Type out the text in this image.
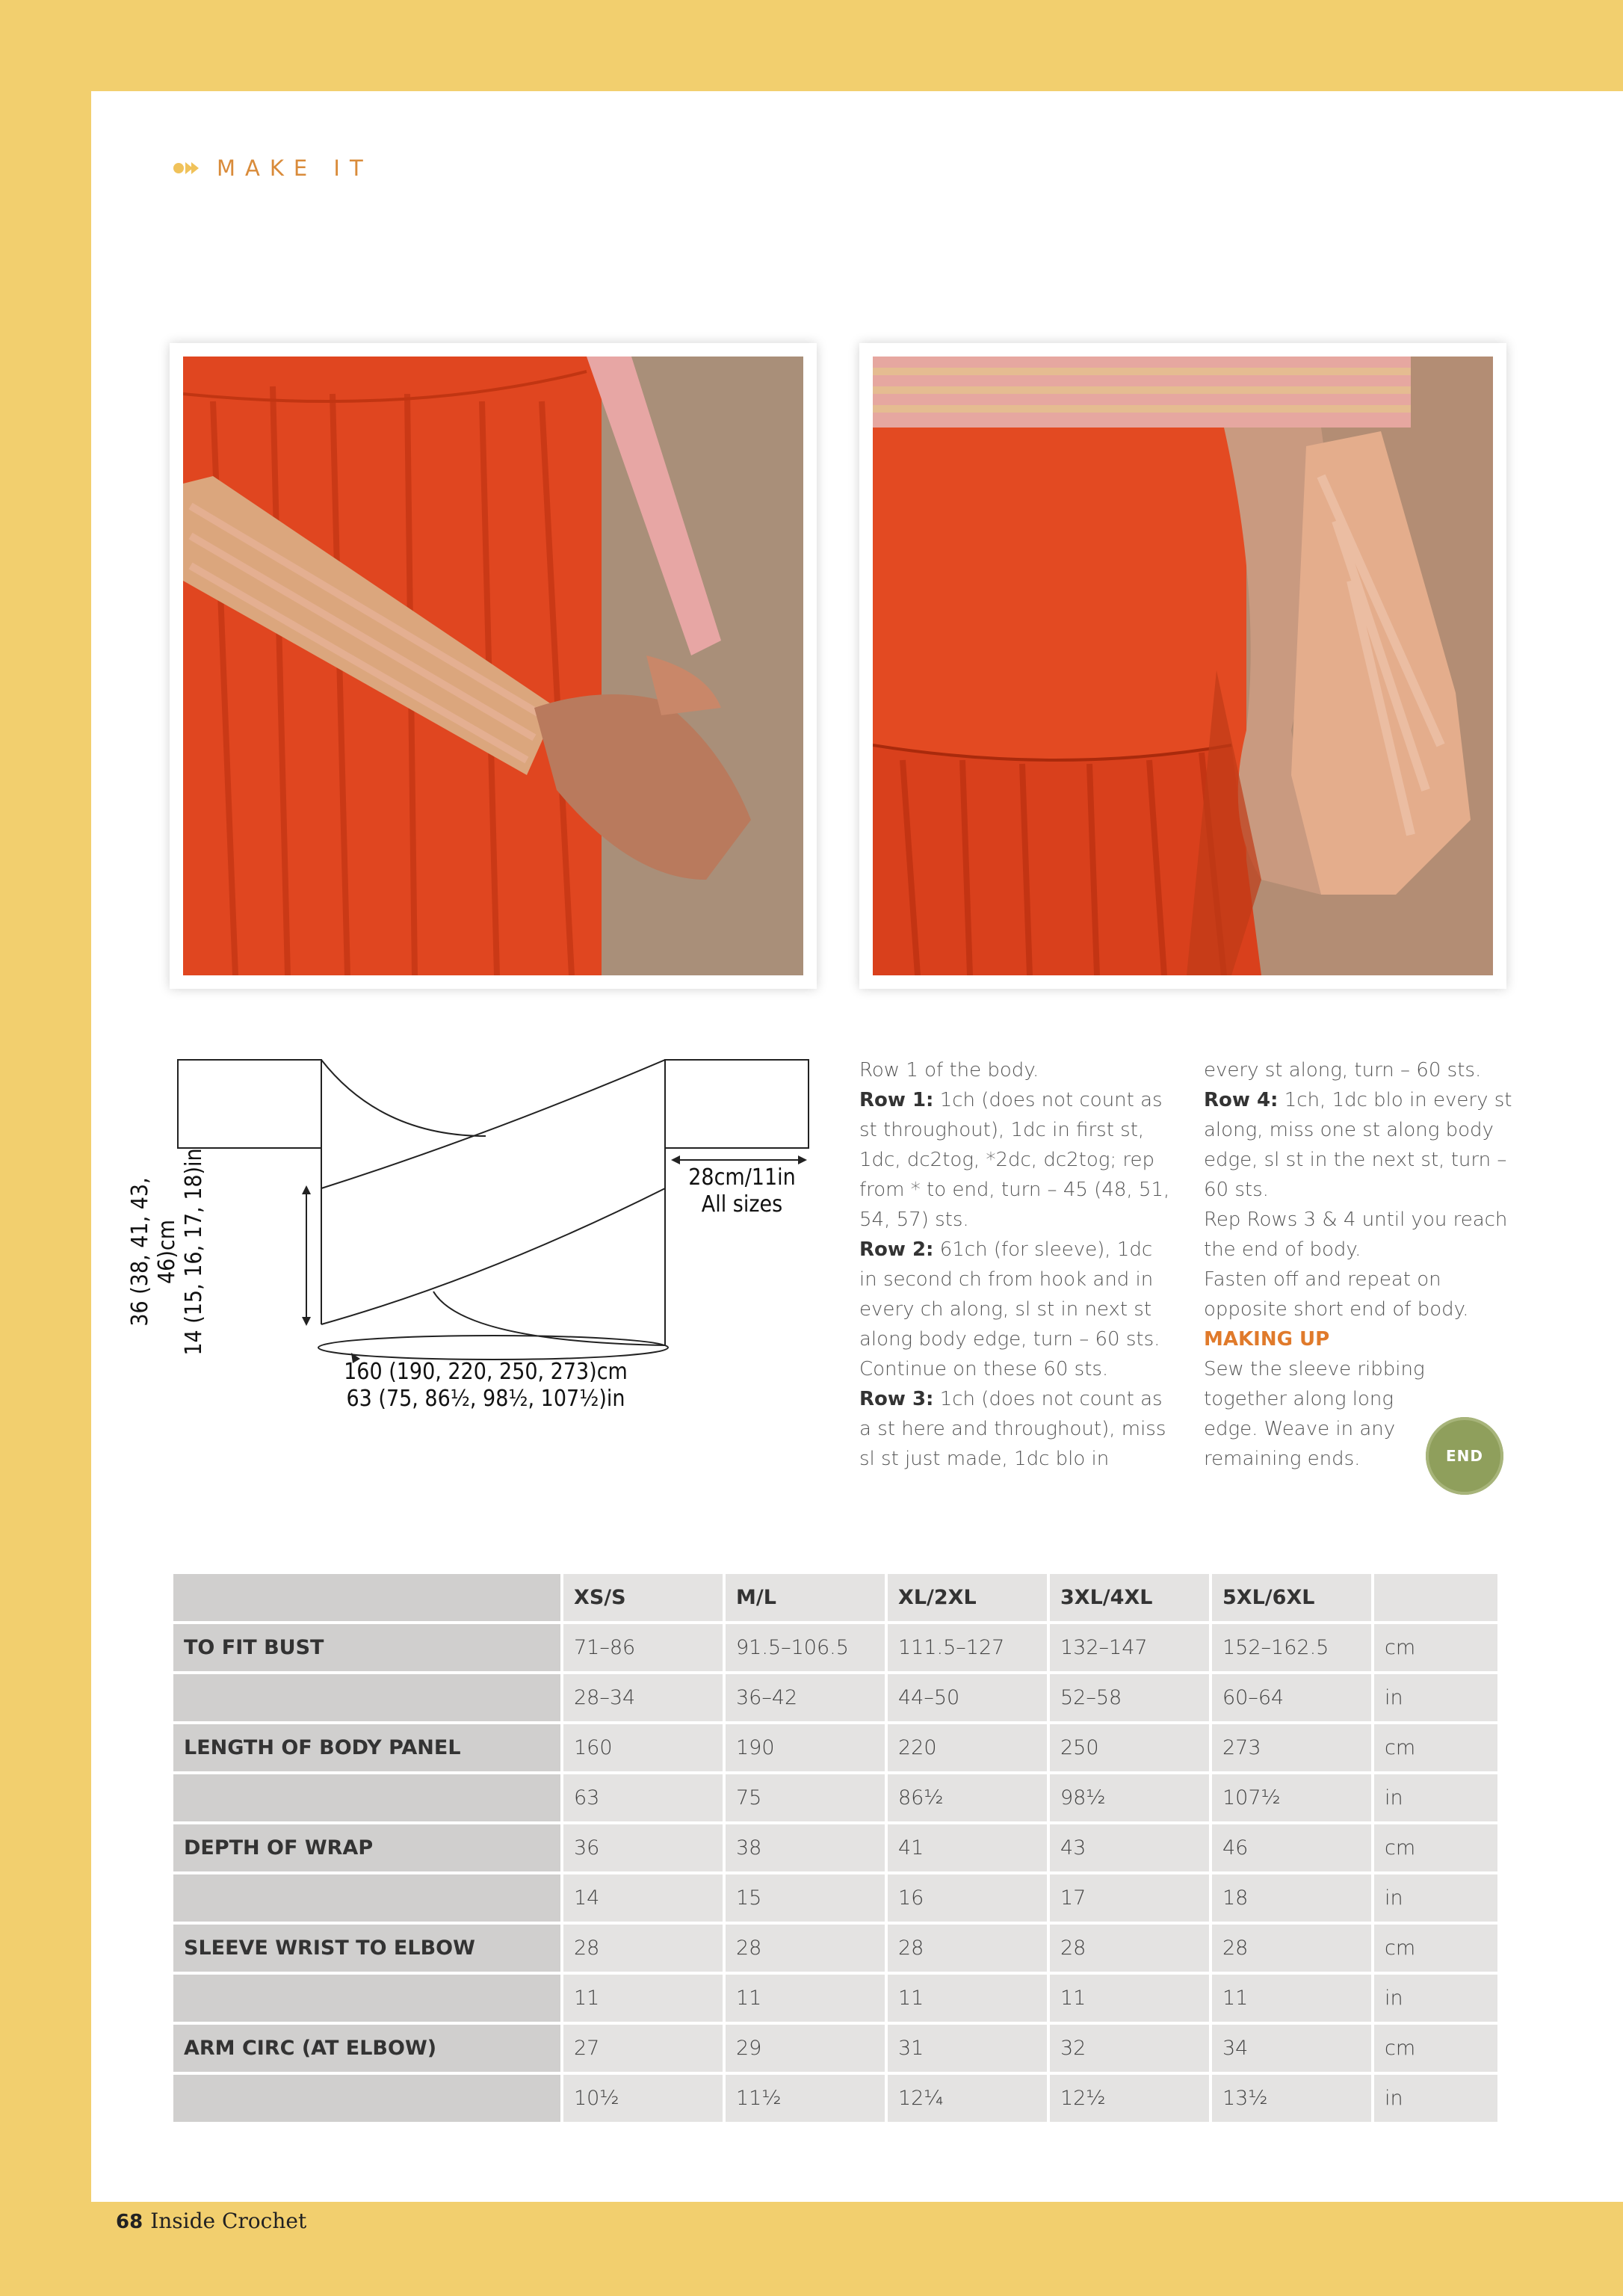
MAKE IT
36 (38, 41, 43, 46)cm
14 (15, 16, 17, 18)in	28cm/11in
All sizes
160 (190, 220, 250, 273)cm
63 (75, 86½, 98½, 107½)in

Row 1 of the body.

Row 1: 1ch (does not count as st throughout), 1dc in first st, 1dc, dc2tog, *2dc, dc2tog; rep from * to end, turn – 45 (48, 51, 54, 57) sts.

Row 2: 61ch (for sleeve), 1dc in second ch from hook and in every ch along, sl st in next st along body edge, turn – 60 sts.

Continue on these 60 sts.

Row 3: 1ch (does not count as a st here and throughout), miss sl st just made, 1dc blo in

every st along, turn – 60 sts.

Row 4: 1ch, 1dc blo in every st along, miss one st along body edge, sl st in the next st, turn – 60 sts.

Rep Rows 3 & 4 until you reach the end of body.

Fasten off and repeat on opposite short end of body.

MAKING UP

Sew the sleeve ribbing together along long edge. Weave in any remaining ends.	END
	XS/S	M/L	XL/2XL	3XL/4XL	5XL/6XL	
TO FIT BUST	71–86	91.5–106.5	111.5–127	132–147	152–162.5	cm
	28–34	36–42	44–50	52–58	60–64	in
LENGTH OF BODY PANEL	160	190	220	250	273	cm
	63	75	86½	98½	107½	in
DEPTH OF WRAP	36	38	41	43	46	cm
	14	15	16	17	18	in
SLEEVE WRIST TO ELBOW	28	28	28	28	28	cm
	11	11	11	11	11	in
ARM CIRC (AT ELBOW)	27	29	31	32	34	cm
	10½	11½	12¼	12½	13½	in
68 Inside Crochet
